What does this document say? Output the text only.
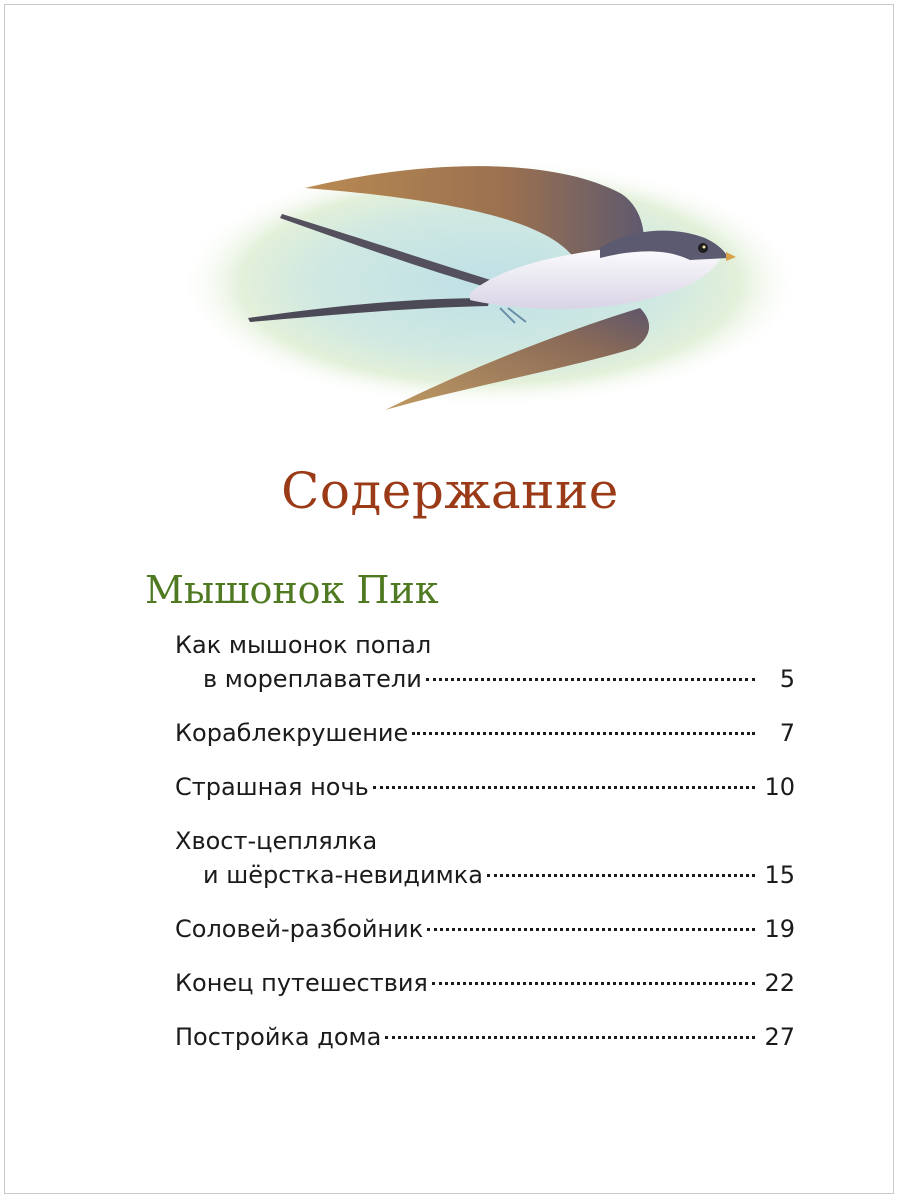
Содержание
Мышонок Пик
Как мышонок попал
в мореплаватели	5
Кораблекрушение	7
Страшная ночь	10
Хвост-цеплялка
и шёрстка-невидимка	15
Соловей-разбойник	19
Конец путешествия	22
Постройка дома	27
